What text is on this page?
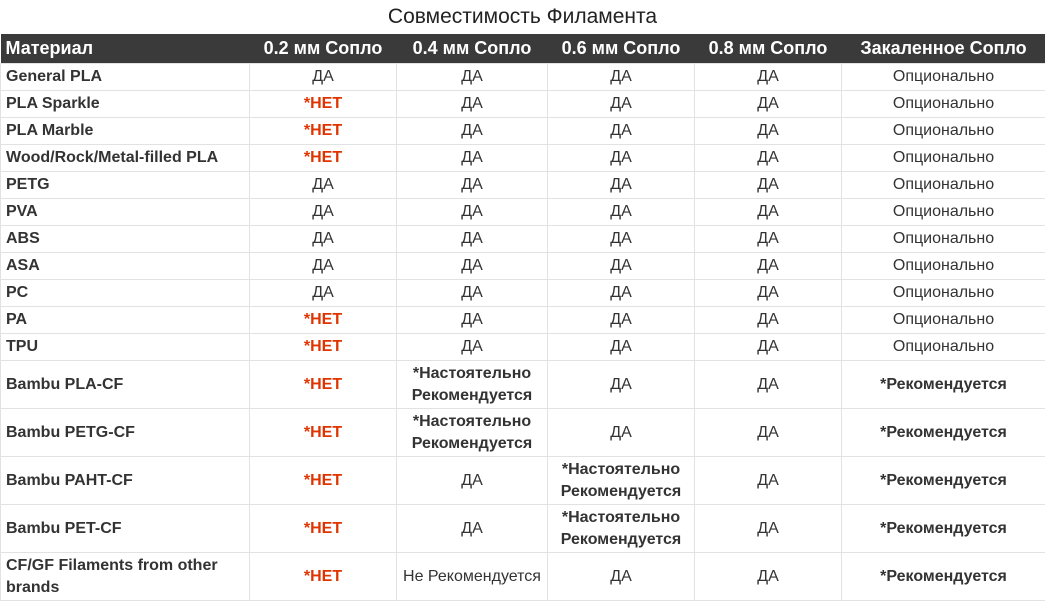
Совместимость Филамента
Материал	0.2 мм Сопло	0.4 мм Сопло	0.6 мм Сопло	0.8 мм Сопло	Закаленное Сопло
General PLA	ДА	ДА	ДА	ДА	Опционально
PLA Sparkle	*НЕТ	ДА	ДА	ДА	Опционально
PLA Marble	*НЕТ	ДА	ДА	ДА	Опционально
Wood/Rock/Metal-filled PLA	*НЕТ	ДА	ДА	ДА	Опционально
PETG	ДА	ДА	ДА	ДА	Опционально
PVA	ДА	ДА	ДА	ДА	Опционально
ABS	ДА	ДА	ДА	ДА	Опционально
ASA	ДА	ДА	ДА	ДА	Опционально
PC	ДА	ДА	ДА	ДА	Опционально
PA	*НЕТ	ДА	ДА	ДА	Опционально
TPU	*НЕТ	ДА	ДА	ДА	Опционально
Bambu PLA-CF	*НЕТ	*Настоятельно Рекомендуется	ДА	ДА	*Рекомендуется
Bambu PETG-CF	*НЕТ	*Настоятельно Рекомендуется	ДА	ДА	*Рекомендуется
Bambu PAHT-CF	*НЕТ	ДА	*Настоятельно Рекомендуется	ДА	*Рекомендуется
Bambu PET-CF	*НЕТ	ДА	*Настоятельно Рекомендуется	ДА	*Рекомендуется
CF/GF Filaments from other brands	*НЕТ	Не Рекомендуется	ДА	ДА	*Рекомендуется
